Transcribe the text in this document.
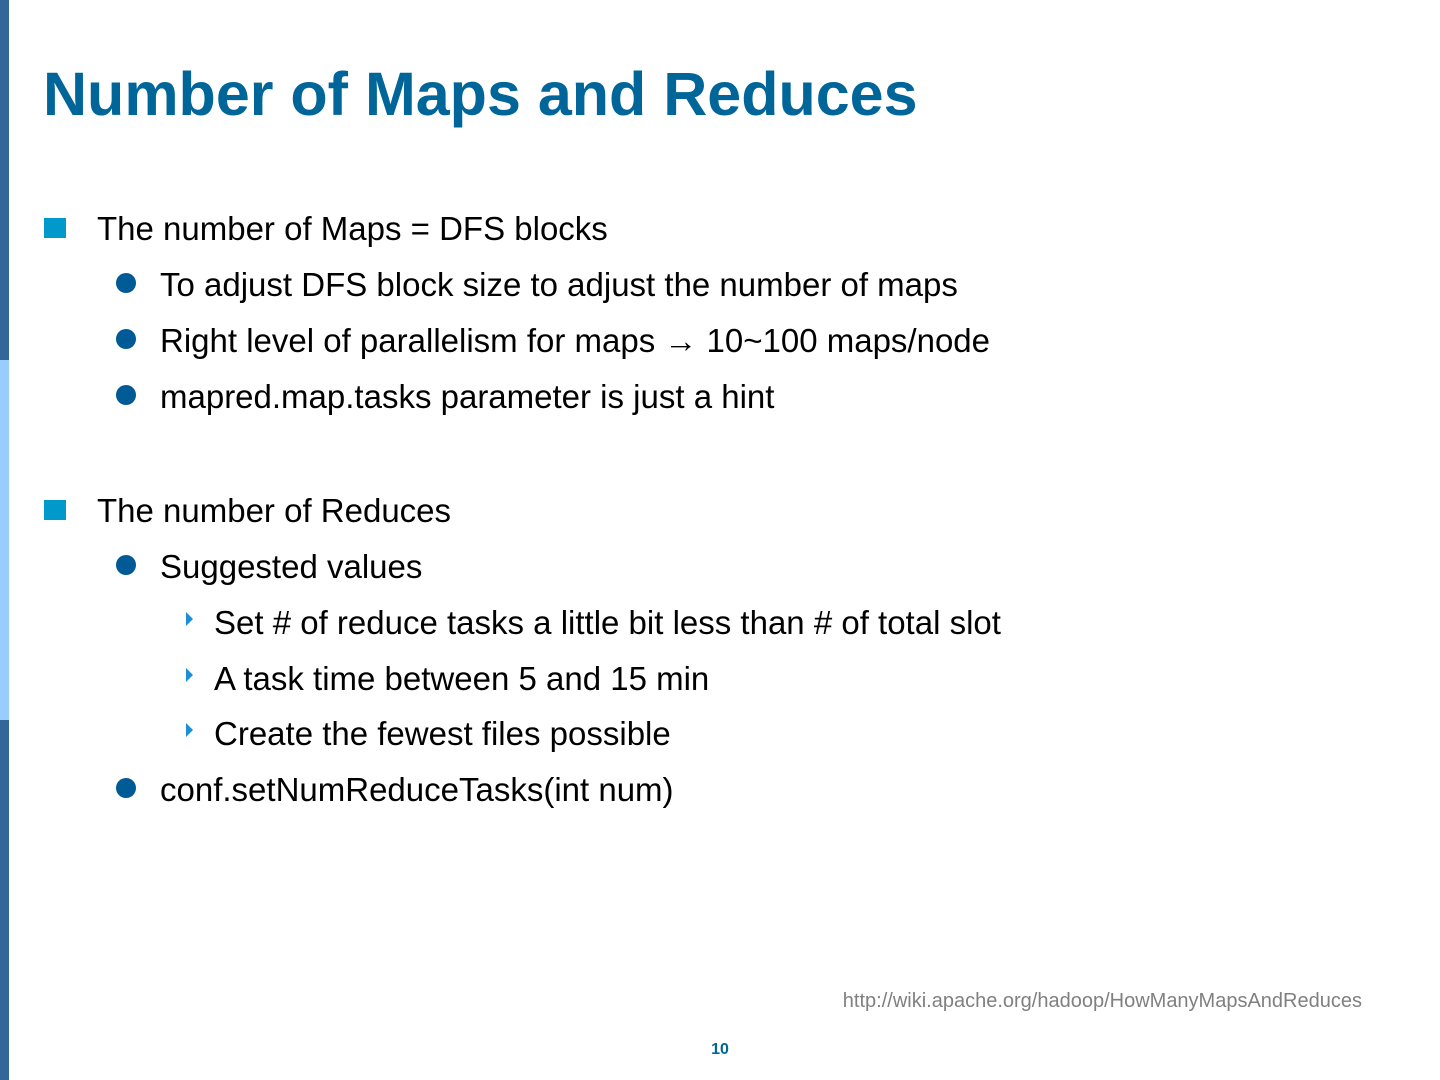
Number of Maps and Reduces
The number of Maps = DFS blocks
To adjust DFS block size to adjust the number of maps
Right level of parallelism for maps → 10~100 maps/node
mapred.map.tasks parameter is just a hint
The number of Reduces
Suggested values
Set # of reduce tasks a little bit less than # of total slot
A task time between 5 and 15 min
Create the fewest files possible
conf.setNumReduceTasks(int num)
http://wiki.apache.org/hadoop/HowManyMapsAndReduces
10
